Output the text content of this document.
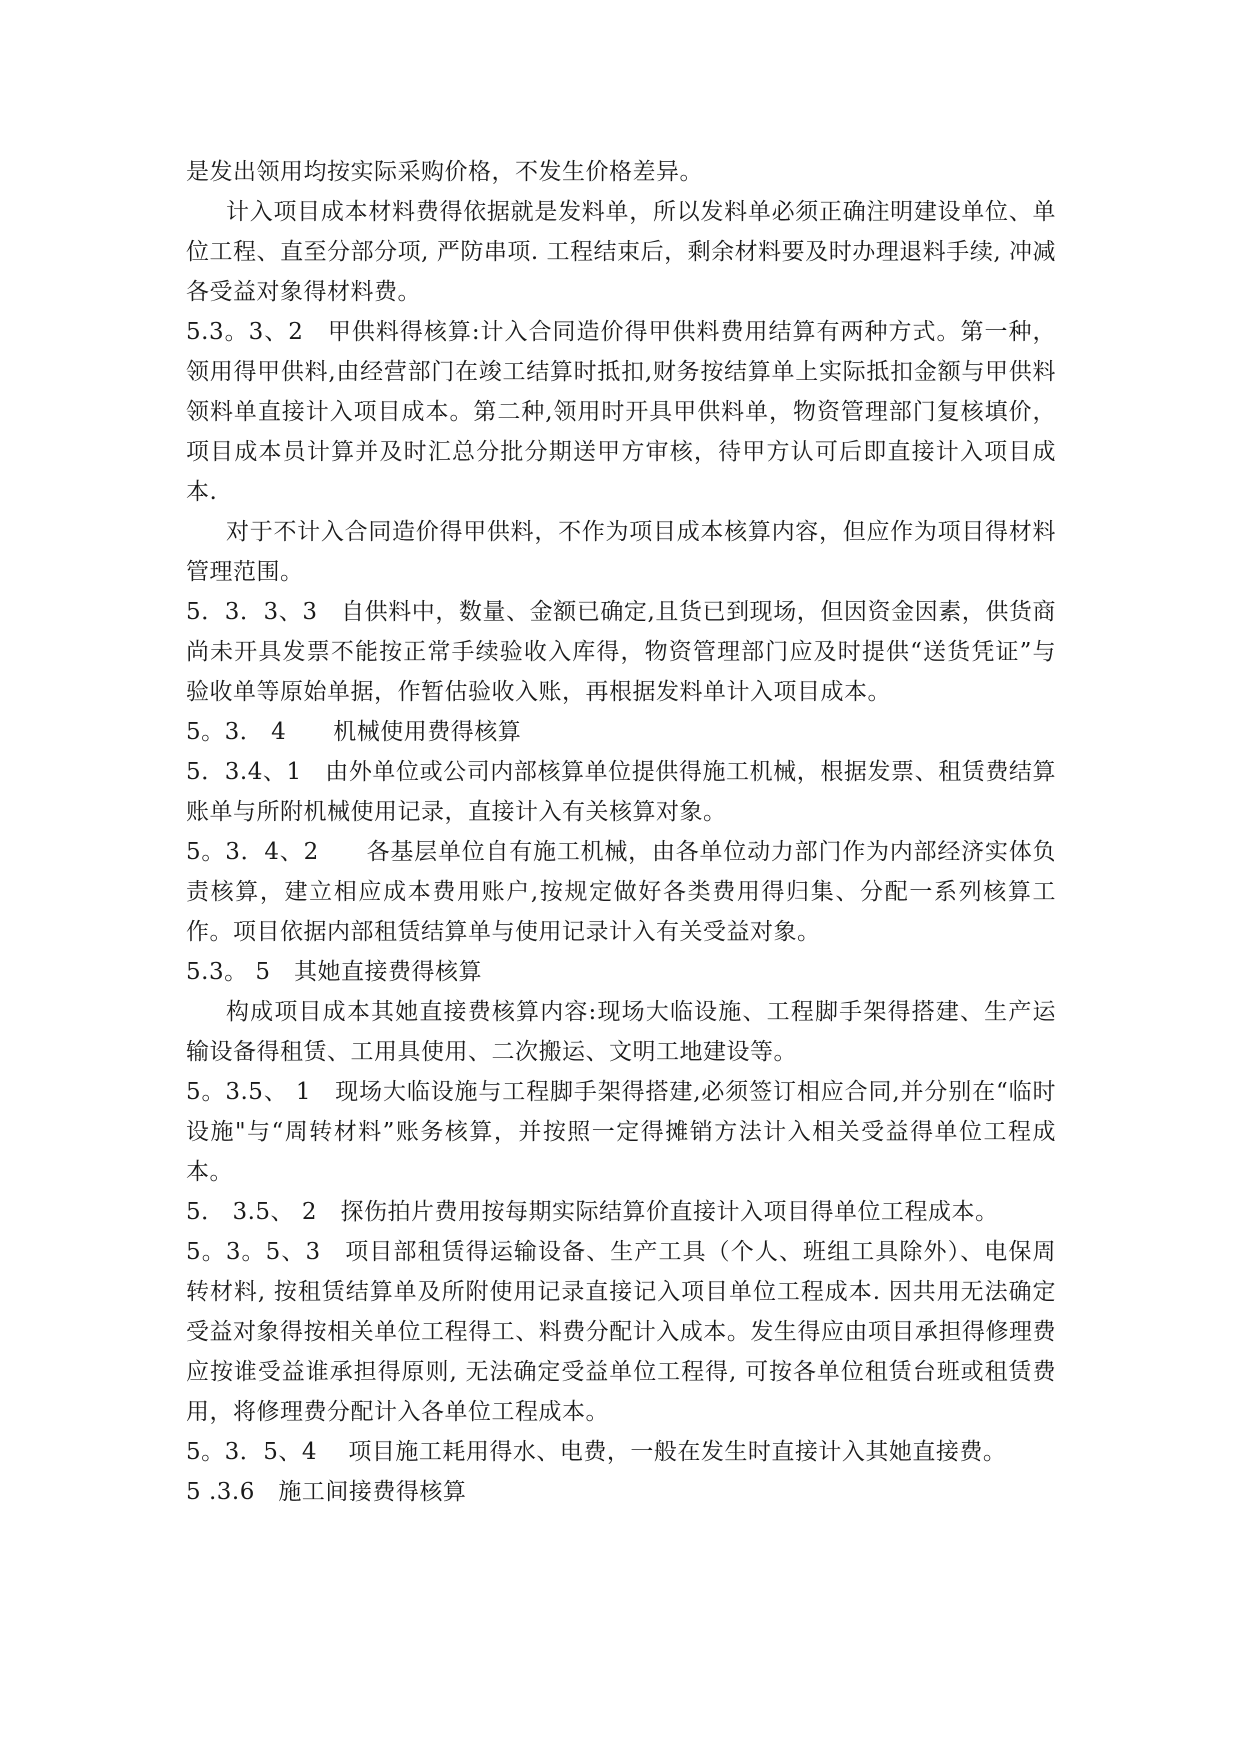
是发出领用均按实际采购价格，不发生价格差异。

计入项目成本材料费得依据就是发料单，所以发料单必须正确注明建设单位、单位工程、直至分部分项, 严防串项. 工程结束后，剩余材料要及时办理退料手续, 冲减各受益对象得材料费。

5.3。3、2　甲供料得核算:计入合同造价得甲供料费用结算有两种方式。第一种，领用得甲供料,由经营部门在竣工结算时抵扣,财务按结算单上实际抵扣金额与甲供料领料单直接计入项目成本。第二种,领用时开具甲供料单，物资管理部门复核填价，项目成本员计算并及时汇总分批分期送甲方审核，待甲方认可后即直接计入项目成本.

对于不计入合同造价得甲供料，不作为项目成本核算内容，但应作为项目得材料管理范围。

5．3．3、3　自供料中，数量、金额已确定,且货已到现场，但因资金因素，供货商尚未开具发票不能按正常手续验收入库得，物资管理部门应及时提供“送货凭证”与验收单等原始单据，作暂估验收入账，再根据发料单计入项目成本。

5。3． 4　　机械使用费得核算

5．3.4、1　由外单位或公司内部核算单位提供得施工机械，根据发票、租赁费结算账单与所附机械使用记录，直接计入有关核算对象。

5。3．4、2　　各基层单位自有施工机械，由各单位动力部门作为内部经济实体负责核算，建立相应成本费用账户,按规定做好各类费用得归集、分配一系列核算工作。项目依据内部租赁结算单与使用记录计入有关受益对象。

5.3。 5　其她直接费得核算

构成项目成本其她直接费核算内容:现场大临设施、工程脚手架得搭建、生产运输设备得租赁、工用具使用、二次搬运、文明工地建设等。

5。3.5、 1　现场大临设施与工程脚手架得搭建,必须签订相应合同,并分别在“临时设施"与“周转材料”账务核算，并按照一定得摊销方法计入相关受益得单位工程成本。

5． 3.5、 2　探伤拍片费用按每期实际结算价直接计入项目得单位工程成本。

5。3。5、3　项目部租赁得运输设备、生产工具（个人、班组工具除外）、电保周转材料, 按租赁结算单及所附使用记录直接记入项目单位工程成本. 因共用无法确定受益对象得按相关单位工程得工、料费分配计入成本。发生得应由项目承担得修理费应按谁受益谁承担得原则, 无法确定受益单位工程得, 可按各单位租赁台班或租赁费用，将修理费分配计入各单位工程成本。

5。3．5、4　 项目施工耗用得水、电费，一般在发生时直接计入其她直接费。

5 .3.6　施工间接费得核算
